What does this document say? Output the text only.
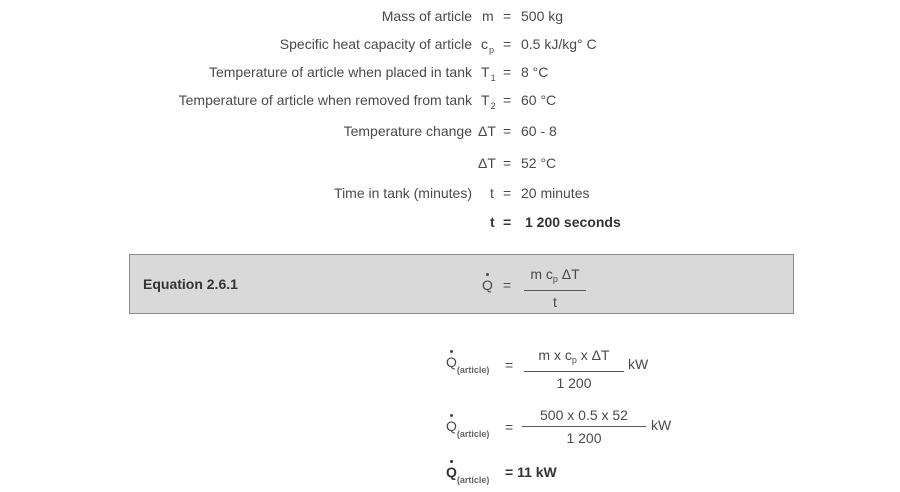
Mass of article m = 500 kg
Specific heat capacity of article $c_p = 0.5$ kJ/kg° C
Temperature of article when placed in tank $T_1 = 8$ °C
Temperature of article when removed from tank $T_2 = 60$ °C
Temperature change ΔT = 60 - 8
ΔT = 52 °C
Time in tank (minutes) t = 20 minutes
t = 1 200 seconds
Equation 2.6.1	Q =
m $c_p$ ΔT
t
$Q_{(article)}$ =
m x $c_p$ x ΔT
1 200
kW
$Q_{(article)}$ =
500 x 0.5 x 52
1 200
kW
$Q_{(article)} = 11$ kW
